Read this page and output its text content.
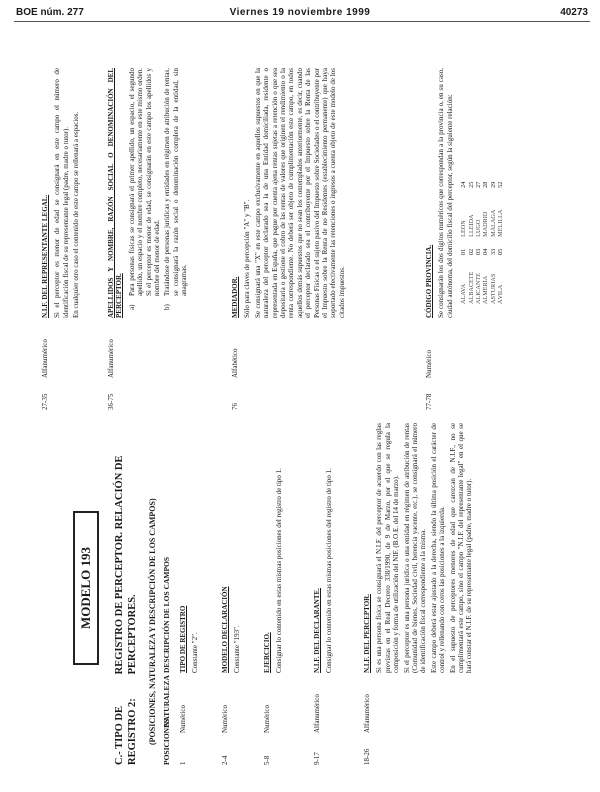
BOE núm. 277	Viernes 19 noviembre 1999	40273
MODELO 193
C.- TIPO DE REGISTRO 2: REGISTRO DE PERCEPTOR. RELACIÓN DE PERCEPTORES. (POSICIONES, NATURALEZA Y DESCRIPCIÓN DE LOS CAMPOS) POSICIONES
NATURALEZA
DESCRIPCIÓN DE LOS CAMPOS
1
Numérico
TIPO DE REGISTRO Constante "2".

2-4
Numérico
MODELO DECLARACIÓN Constante "193".

5-8
Numérico
EJERCICIO. Consignar lo contenido en estas mismas posiciones del registro de tipo 1.

9-17
Alfanumérico
N.I.F. DEL DECLARANTE. Consignar lo contenido en estas mismas posiciones del registro de tipo 1.

18-26
Alfanumérico
N.I.F. DEL PERCEPTOR. Si es una persona física se consignará el N.I.F. del perceptor de acuerdo con las reglas previstas en el Real Decreto 338/1990, de 9 de Marzo, por el que se regula la composición y forma de utilización del NIF. (B.O.E. del 14 de marzo). Si el perceptor es una persona jurídica o una entidad en régimen de atribución de rentas (Comunidad de bienes, Sociedad civil, herencia yacente, etc.), se consignará el número de identificación fiscal correspondiente a la misma. Este campo deberá estar ajustado a la derecha, siendo la última posición el carácter de control y rellenando con ceros las posiciones a la izquierda. En el supuesto de perceptores menores de edad que carezcan de N.I.F., no se cumplimentará este campo, sino el campo "N.I.F. del representante legal" en el que se hará constar el N.I.F. de su representante legal (padre, madre o tutor).

27-35
Alfanumérico
N.I.F. DEL REPRESENTANTE LEGAL. Si el perceptor es menor de edad se consignará en este campo el número de identificación fiscal de su representante legal (padre, madre o tutor). En cualquier otro caso el contenido de este campo se rellenará a espacios.

36-75
Alfanumérico
APELLIDOS Y NOMBRE, RAZÓN SOCIAL O DENOMINACIÓN DEL PERCEPTOR. a)
Para personas físicas se consignará el primer apellido, un espacio, el segundo apellido, un espacio y el nombre completo, necesariamente en este mismo orden. Si el perceptor es menor de edad, se consignarán en este campo los apellidos y nombre del menor de edad.
b)
Tratándose de personas jurídicas y entidades en régimen de atribución de rentas, se consignará la razón social o denominación completa de la entidad, sin anagramas.
76
Alfabético
MEDIADOR. Sólo para claves de percepción "A" y "B". Se consignará una "X" en este campo exclusivamente en aquellos supuestos en que la naturaleza del perceptor declarado sea la de una Entidad domiciliada, residente o representada en España, que pague por cuenta ajena rentas sujetas a retención o que sea depositaria o gestione el cobro de las rentas de valores que originen el rendimiento o la renta correspondiente. No deberá ser objeto de cumplimentación este campo, en todos aquellos demás supuestos que no sean los contemplados anteriormente, es decir, cuando el perceptor declarado sea el contribuyente por el Impuesto sobre la Renta de las Personas Físicas o el sujeto pasivo del Impuesto sobre Sociedades o el contribuyente por el Impuesto sobre la Renta de no Residentes (establecimiento permanente) que haya soportado efectivamente las retenciones o ingresos a cuenta objeto de este modelo de los citados impuestos.

77-78
Numérico
CÓDIGO PROVINCIA. Se consignarán los dos dígitos numéricos que correspondan a la provincia o, en su caso, ciudad autónoma, del domicilio fiscal del perceptor, según la siguiente relación: ÁLAVA	01	LEÓN	24
ALBACETE	02	LLEIDA	25
ALICANTE	03	LUGO	27
ALMERÍA	04	MADRID	28
ASTURIAS	33	MÁLAGA	29
ÁVILA	05	MELILLA	52
